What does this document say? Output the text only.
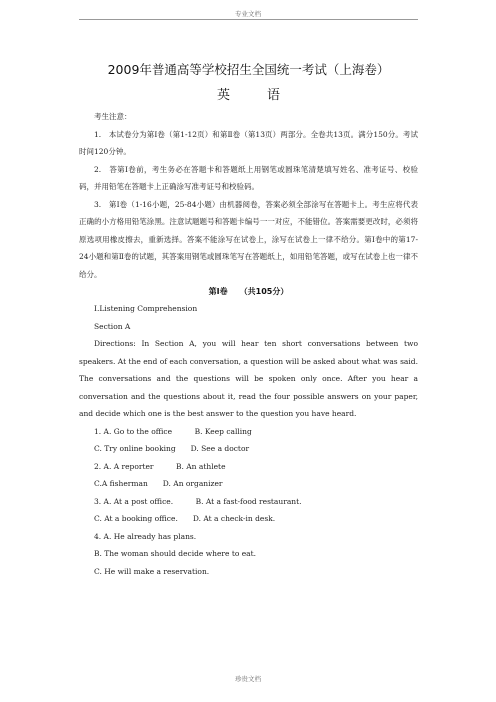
专业文档
2009年普通高等学校招生全国统一考试（上海卷）
英　语

考生注意：

1.　本试卷分为第Ⅰ卷（第1-12页）和第Ⅱ卷（第13页）两部分。全卷共13页。满分150分。考试时间120分钟。

2.　答第Ⅰ卷前，考生务必在答题卡和答题纸上用钢笔或圆珠笔清楚填写姓名、准考证号、校验码，并用铅笔在答题卡上正确涂写准考证号和校验码。

3.　第Ⅰ卷（1-16小题，25-84小题）由机器阅卷，答案必须全部涂写在答题卡上。考生应将代表正确的小方格用铅笔涂黑。注意试题题号和答题卡编号一一对应，不能错位。答案需要更改时，必须将原选项用橡皮擦去，重新选择。答案不能涂写在试卷上，涂写在试卷上一律不给分。第Ⅰ卷中的第17-24小题和第Ⅱ卷的试题，其答案用钢笔或圆珠笔写在答题纸上，如用铅笔答题，或写在试卷上也一律不给分。

第Ⅰ卷　　（共105分）

Ⅰ.Listening Comprehension

Section A

Directions: In Section A, you will hear ten short conversations between two speakers. At the end of each conversation, a question will be asked about what was said. The conversations and the questions will be spoken only once. After you hear a conversation and the questions about it, read the four possible answers on your paper, and decide which one is the best answer to the question you have heard.

1. A. Go to the office　　　B. Keep calling

C. Try online booking　　D. See a doctor

2. A. A reporter　　　B. An athlete

C.A fisherman　　D. An organizer

3. A. At a post office.　　　B. At a fast-food restaurant.

C. At a booking office.　　D. At a check-in desk.

4. A. He already has plans.

B. The woman should decide where to eat.

C. He will make a reservation.

珍贵文档
